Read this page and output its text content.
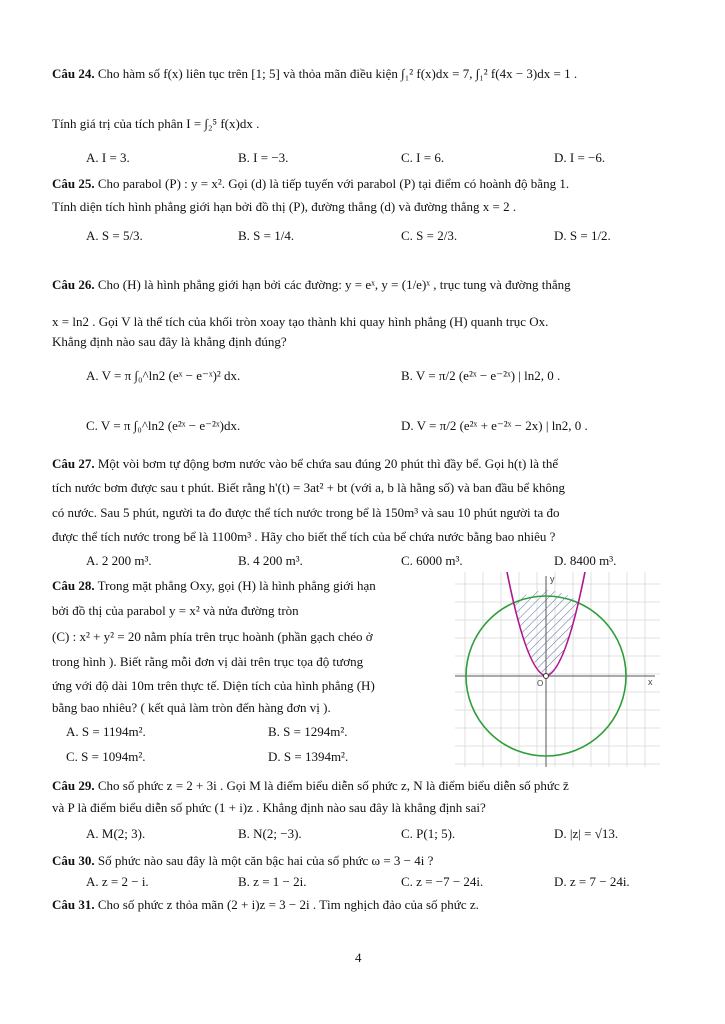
Câu 24. Cho hàm số f(x) liên tục trên [1; 5] và thỏa mãn điều kiện ∫₁² f(x)dx = 7, ∫₁² f(4x − 3)dx = 1 .
Tính giá trị của tích phân I = ∫₂⁵ f(x)dx .
A. I = 3.	B. I = −3.	C. I = 6.	D. I = −6.
Câu 25. Cho parabol (P) : y = x². Gọi (d) là tiếp tuyến với parabol (P) tại điểm có hoành độ bằng 1.
Tính diện tích hình phẳng giới hạn bởi đồ thị (P), đường thẳng (d) và đường thẳng x = 2 .
A. S = 5/3.	B. S = 1/4.	C. S = 2/3.	D. S = 1/2.
Câu 26. Cho (H) là hình phẳng giới hạn bởi các đường: y = eˣ, y = (1/e)ˣ , trục tung và đường thẳng
x = ln2 . Gọi V là thể tích của khối tròn xoay tạo thành khi quay hình phẳng (H) quanh trục Ox.
Khẳng định nào sau đây là khẳng định đúng?
A. V = π ∫₀^ln2 (eˣ − e⁻ˣ)² dx.	B. V = π/2 (e²ˣ − e⁻²ˣ) | ln2, 0 .
C. V = π ∫₀^ln2 (e²ˣ − e⁻²ˣ)dx.	D. V = π/2 (e²ˣ + e⁻²ˣ − 2x) | ln2, 0 .
Câu 27. Một vòi bơm tự động bơm nước vào bể chứa sau đúng 20 phút thì đầy bể. Gọi h(t) là thể
tích nước bơm được sau t phút. Biết rằng h'(t) = 3at² + bt (với a, b là hằng số) và ban đầu bể không
có nước. Sau 5 phút, người ta đo được thể tích nước trong bể là 150m³ và sau 10 phút người ta đo
được thể tích nước trong bể là 1100m³ . Hãy cho biết thể tích của bể chứa nước bằng bao nhiêu ?
A. 2 200 m³.	B. 4 200 m³.	C. 6000 m³.	D. 8400 m³.
Câu 28. Trong mặt phẳng Oxy, gọi (H) là hình phẳng giới hạn
bởi đồ thị của parabol y = x² và nửa đường tròn
(C) : x² + y² = 20 nằm phía trên trục hoành (phần gạch chéo ở
trong hình ). Biết rằng mỗi đơn vị dài trên trục tọa độ tương
ứng với độ dài 10m trên thực tế. Diện tích của hình phẳng (H)
bằng bao nhiêu? ( kết quả làm tròn đến hàng đơn vị ).
A. S = 1194m².	B. S = 1294m².
C. S = 1094m².	D. S = 1394m².
x
y
O
Câu 29. Cho số phức z = 2 + 3i . Gọi M là điểm biểu diễn số phức z, N là điểm biểu diễn số phức z̄
và P là điểm biểu diễn số phức (1 + i)z . Khẳng định nào sau đây là khẳng định sai?
A. M(2; 3).	B. N(2; −3).	C. P(1; 5).	D. |z| = √13.
Câu 30. Số phức nào sau đây là một căn bậc hai của số phức ω = 3 − 4i ?
A. z = 2 − i.	B. z = 1 − 2i.	C. z = −7 − 24i.	D. z = 7 − 24i.
Câu 31. Cho số phức z thỏa mãn (2 + i)z = 3 − 2i . Tìm nghịch đảo của số phức z.
4
